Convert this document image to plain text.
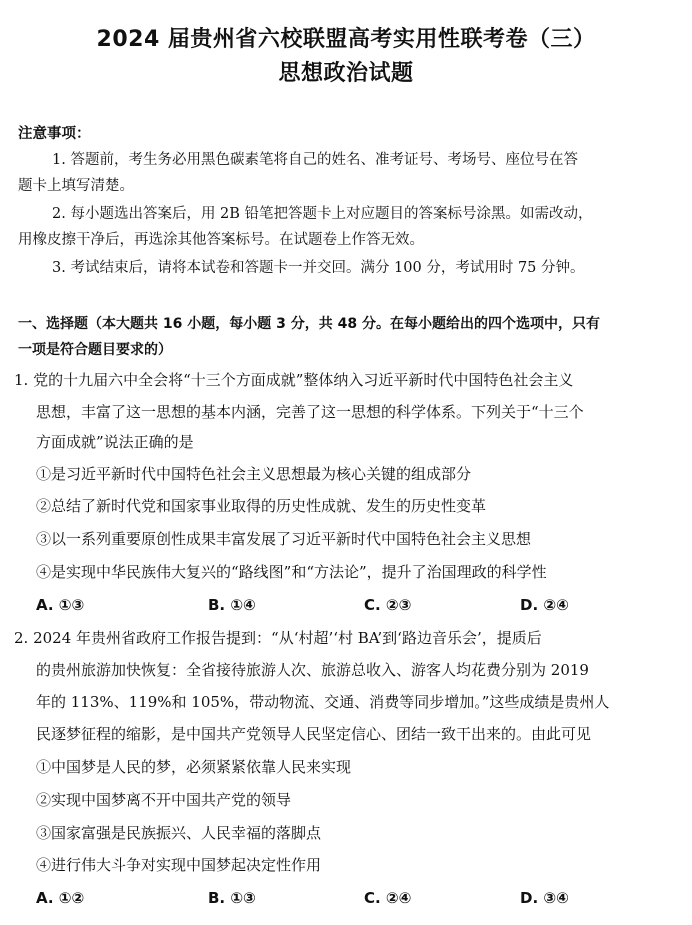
2024 届贵州省六校联盟高考实用性联考卷（三）
思想政治试题
注意事项：
1. 答题前，考生务必用黑色碳素笔将自己的姓名、准考证号、考场号、座位号在答
题卡上填写清楚。
2. 每小题选出答案后，用 2B 铅笔把答题卡上对应题目的答案标号涂黑。如需改动，
用橡皮擦干净后，再选涂其他答案标号。在试题卷上作答无效。
3. 考试结束后，请将本试卷和答题卡一并交回。满分 100 分，考试用时 75 分钟。
一、选择题（本大题共 16 小题，每小题 3 分，共 48 分。在每小题给出的四个选项中，只有
一项是符合题目要求的）
1. 党的十九届六中全会将“十三个方面成就”整体纳入习近平新时代中国特色社会主义
思想，丰富了这一思想的基本内涵，完善了这一思想的科学体系。下列关于“十三个
方面成就”说法正确的是
①是习近平新时代中国特色社会主义思想最为核心关键的组成部分
②总结了新时代党和国家事业取得的历史性成就、发生的历史性变革
③以一系列重要原创性成果丰富发展了习近平新时代中国特色社会主义思想
④是实现中华民族伟大复兴的“路线图”和“方法论”，提升了治国理政的科学性
A. ①③	B. ①④	C. ②③	D. ②④
2. 2024 年贵州省政府工作报告提到：“从‘村超’‘村 BA’到‘路边音乐会’，提质后
的贵州旅游加快恢复：全省接待旅游人次、旅游总收入、游客人均花费分别为 2019
年的 113%、119%和 105%，带动物流、交通、消费等同步增加。”这些成绩是贵州人
民逐梦征程的缩影，是中国共产党领导人民坚定信心、团结一致干出来的。由此可见
①中国梦是人民的梦，必须紧紧依靠人民来实现
②实现中国梦离不开中国共产党的领导
③国家富强是民族振兴、人民幸福的落脚点
④进行伟大斗争对实现中国梦起决定性作用
A. ①②	B. ①③	C. ②④	D. ③④
